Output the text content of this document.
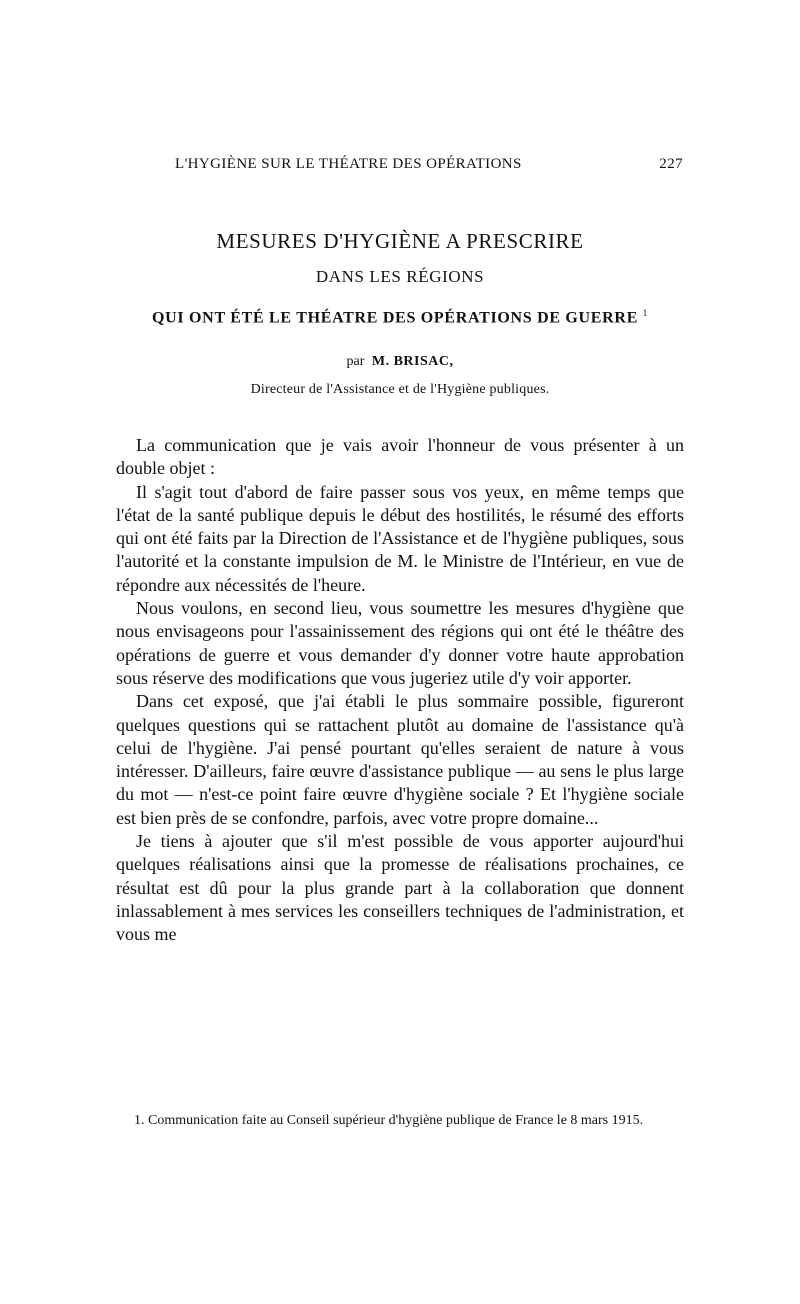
L'HYGIÈNE SUR LE THÉATRE DES OPÉRATIONS	227
MESURES D'HYGIÈNE A PRESCRIRE
DANS LES RÉGIONS
QUI ONT ÉTÉ LE THÉATRE DES OPÉRATIONS DE GUERRE $^1$
par M. BRISAC,
Directeur de l'Assistance et de l'Hygiène publiques.

La communication que je vais avoir l'honneur de vous présenter à un double objet :

Il s'agit tout d'abord de faire passer sous vos yeux, en même temps que l'état de la santé publique depuis le début des hostilités, le résumé des efforts qui ont été faits par la Direction de l'Assistance et de l'hygiène publiques, sous l'autorité et la constante impulsion de M. le Ministre de l'Intérieur, en vue de répondre aux nécessités de l'heure.

Nous voulons, en second lieu, vous soumettre les mesures d'hygiène que nous envisageons pour l'assainissement des régions qui ont été le théâtre des opérations de guerre et vous demander d'y donner votre haute approbation sous réserve des modifications que vous jugeriez utile d'y voir apporter.

Dans cet exposé, que j'ai établi le plus sommaire possible, figureront quelques questions qui se rattachent plutôt au domaine de l'assistance qu'à celui de l'hygiène. J'ai pensé pourtant qu'elles seraient de nature à vous intéresser. D'ailleurs, faire œuvre d'assistance publique — au sens le plus large du mot — n'est-ce point faire œuvre d'hygiène sociale ? Et l'hygiène sociale est bien près de se confondre, parfois, avec votre propre domaine...

Je tiens à ajouter que s'il m'est possible de vous apporter aujourd'hui quelques réalisations ainsi que la promesse de réalisations prochaines, ce résultat est dû pour la plus grande part à la collaboration que donnent inlassablement à mes services les conseillers techniques de l'administration, et vous me

1. Communication faite au Conseil supérieur d'hygiène publique de France le 8 mars 1915.
